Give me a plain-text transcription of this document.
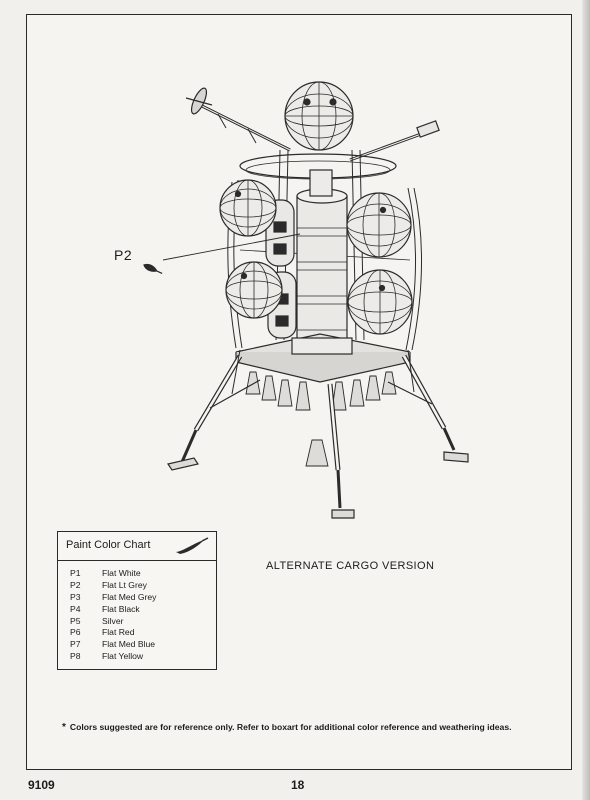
P2
Paint Color Chart
P1 Flat White
P2 Flat Lt Grey
P3 Flat Med Grey
P4 Flat Black
P5 Silver
P6 Flat Red
P7 Flat Med Blue
P8 Flat Yellow
ALTERNATE CARGO VERSION
* Colors suggested are for reference only. Refer to boxart for additional color reference and weathering ideas.
9109	18
